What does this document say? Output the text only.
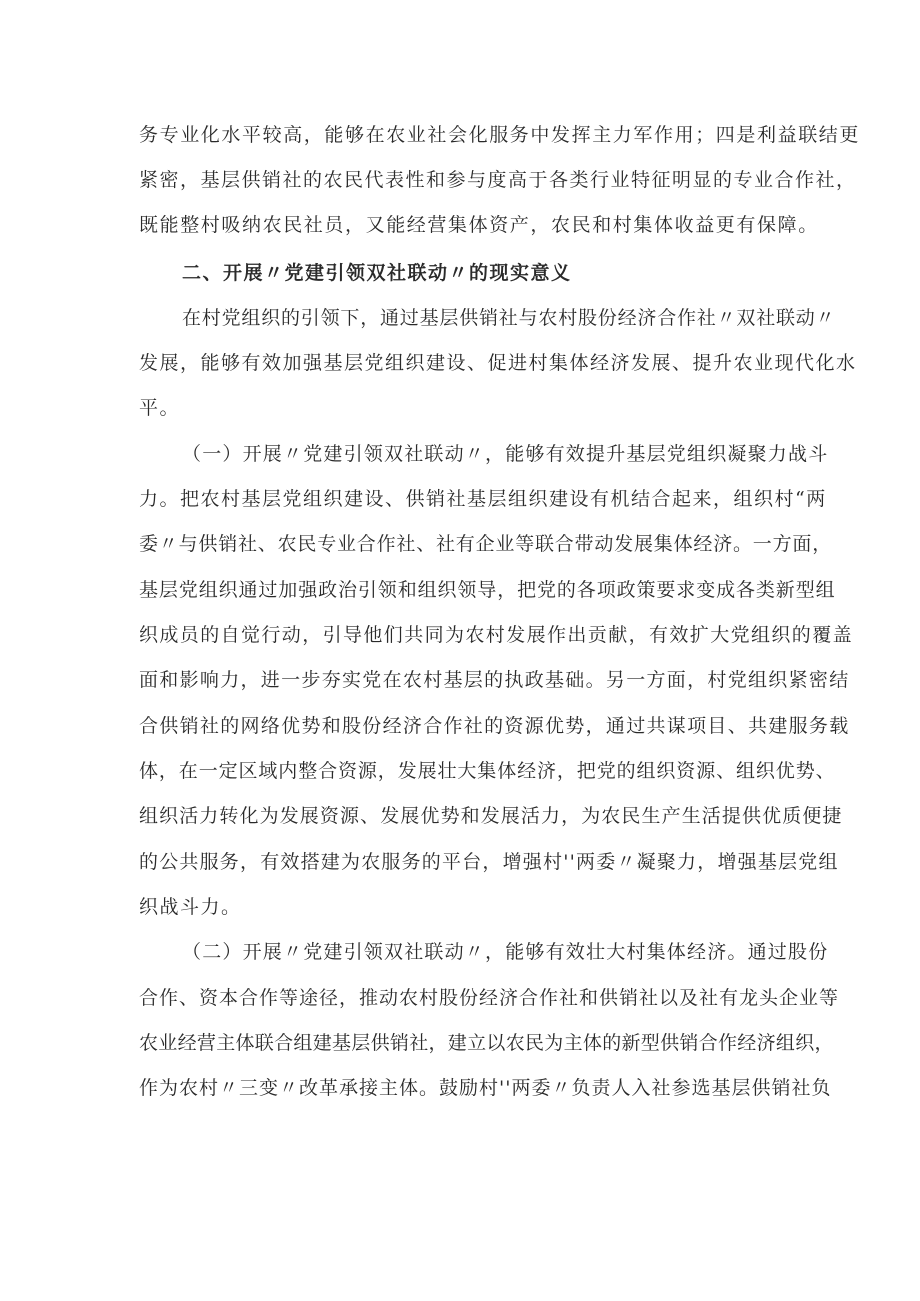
务专业化水平较高，能够在农业社会化服务中发挥主力军作用；四是利益联结更

紧密，基层供销社的农民代表性和参与度高于各类行业特征明显的专业合作社，

既能整村吸纳农民社员，又能经营集体资产，农民和村集体收益更有保障。

二、开展〃党建引领双社联动〃的现实意义

在村党组织的引领下，通过基层供销社与农村股份经济合作社〃双社联动〃

发展，能够有效加强基层党组织建设、促进村集体经济发展、提升农业现代化水

平。

（一）开展〃党建引领双社联动〃，能够有效提升基层党组织凝聚力战斗

力。把农村基层党组织建设、供销社基层组织建设有机结合起来，组织村“两

委〃与供销社、农民专业合作社、社有企业等联合带动发展集体经济。一方面，

基层党组织通过加强政治引领和组织领导，把党的各项政策要求变成各类新型组

织成员的自觉行动，引导他们共同为农村发展作出贡献，有效扩大党组织的覆盖

面和影响力，进一步夯实党在农村基层的执政基础。另一方面，村党组织紧密结

合供销社的网络优势和股份经济合作社的资源优势，通过共谋项目、共建服务载

体，在一定区域内整合资源，发展壮大集体经济，把党的组织资源、组织优势、

组织活力转化为发展资源、发展优势和发展活力，为农民生产生活提供优质便捷

的公共服务，有效搭建为农服务的平台，增强村''两委〃凝聚力，增强基层党组

织战斗力。

（二）开展〃党建引领双社联动〃，能够有效壮大村集体经济。通过股份

合作、资本合作等途径，推动农村股份经济合作社和供销社以及社有龙头企业等

农业经营主体联合组建基层供销社，建立以农民为主体的新型供销合作经济组织，

作为农村〃三变〃改革承接主体。鼓励村''两委〃负责人入社参选基层供销社负
